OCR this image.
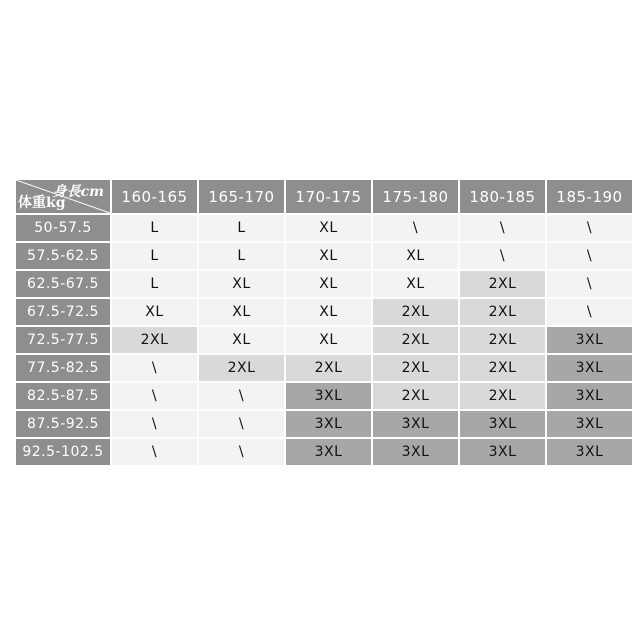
身長cm
体重kg	160-165	165-170	170-175	175-180	180-185	185-190
50-57.5	L	L	XL	\	\	\
57.5-62.5	L	L	XL	XL	\	\
62.5-67.5	L	XL	XL	XL	2XL	\
67.5-72.5	XL	XL	XL	2XL	2XL	\
72.5-77.5	2XL	XL	XL	2XL	2XL	3XL
77.5-82.5	\	2XL	2XL	2XL	2XL	3XL
82.5-87.5	\	\	3XL	2XL	2XL	3XL
87.5-92.5	\	\	3XL	3XL	3XL	3XL
92.5-102.5	\	\	3XL	3XL	3XL	3XL
